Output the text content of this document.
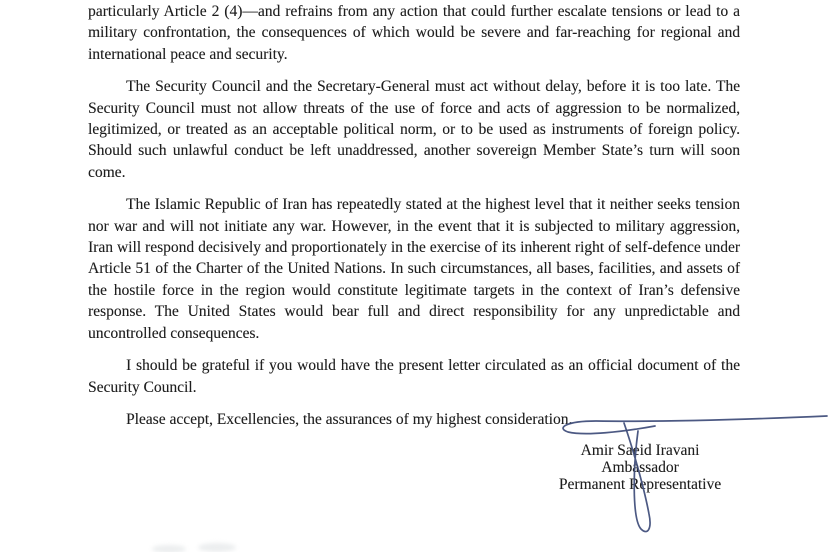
particularly Article 2 (4)—and refrains from any action that could further escalate tensions or lead to a military confrontation, the consequences of which would be severe and far-reaching for regional and international peace and security.

The Security Council and the Secretary-General must act without delay, before it is too late. The Security Council must not allow threats of the use of force and acts of aggression to be normalized, legitimized, or treated as an acceptable political norm, or to be used as instruments of foreign policy. Should such unlawful conduct be left unaddressed, another sovereign Member State’s turn will soon come.

The Islamic Republic of Iran has repeatedly stated at the highest level that it neither seeks tension nor war and will not initiate any war. However, in the event that it is subjected to military aggression, Iran will respond decisively and proportionately in the exercise of its inherent right of self-defence under Article 51 of the Charter of the United Nations. In such circumstances, all bases, facilities, and assets of the hostile force in the region would constitute legitimate targets in the context of Iran’s defensive response. The United States would bear full and direct responsibility for any unpredictable and uncontrolled consequences.

I should be grateful if you would have the present letter circulated as an official document of the Security Council.

Please accept, Excellencies, the assurances of my highest consideration.

Amir Saeid Iravani
Ambassador
Permanent Representative
